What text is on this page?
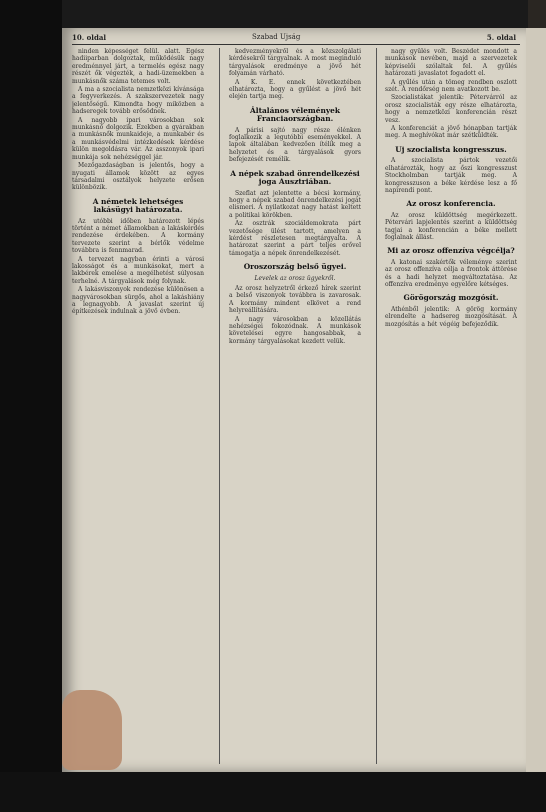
10. oldal	Szabad Ujság	5. oldal
ninden képességet felül. alatt. Egész hadiiparban dolgoztak, működésük nagy eredménnyel járt, a termelés egész nagy részét ők végezték, a hadi-üzemekben a munkásnők száma tetemes volt.
A ma a szocialista nemzetközi kívánsága a fegyverkezés. A szakszervezetek nagy jelentőségű. Kimondta hogy miközben a hadseregek tovább erősödnek.
A nagyobb ipari városokban sok munkásnő dolgozik. Ezekben a gyárakban a munkásnők munkaideje, a munkabér és a munkásvédelmi intézkedések kérdése külön megoldásra vár. Az asszonyok ipari munkája sok nehézséggel jár.
Mezőgazdaságban is jelentős, hogy a nyugati államok között az egyes társadalmi osztályok helyzete erősen különbözik.
A németek lehetséges lakásügyi határozata.
Az utóbbi időben határozott lépés történt a német államokban a lakáskérdés rendezése érdekében. A kormány tervezete szerint a bérlők védelme továbbra is fennmarad.
A tervezet nagyban érinti a városi lakosságot és a munkásokat, mert a lakbérek emelése a megélhetést súlyosan terhelné. A tárgyalások még folynak.
A lakásviszonyok rendezése különösen a nagyvárosokban sürgős, ahol a lakáshiány a legnagyobb. A javaslat szerint új építkezések indulnak a jövő évben.
kedvezményekről és a közszolgálati kérdésekről tárgyalnak. A most meginduló tárgyalások eredménye a jövő hét folyamán várható.
A K. E. ennek következtében elhatározta, hogy a gyűlést a jövő hét elején tartja meg.
Általános vélemények Franciaországban.
A párisi sajtó nagy része élénken foglalkozik a legutóbbi eseményekkel. A lapok általában kedvezően ítélik meg a helyzetet és a tárgyalások gyors befejezését remélik.
A népek szabad önrendelkezési joga Ausztriában.
Szeflat azt jelentette a bécsi kormány, hogy a népek szabad önrendelkezési jogát elismeri. A nyilatkozat nagy hatást keltett a politikai körökben.
Az osztrák szociáldemokrata párt vezetősége ülést tartott, amelyen a kérdést részletesen megtárgyalta. A határozat szerint a párt teljes erővel támogatja a népek önrendelkezését.
Oroszország belső ügyei.
Levelek az orosz ügyekről.
Az orosz helyzetről érkező hírek szerint a belső viszonyok továbbra is zavarosak. A kormány mindent elkövet a rend helyreállítására.
A nagy városokban a közellátás nehézségei fokozódnak. A munkások követelései egyre hangosabbak, a kormány tárgyalásokat kezdett velük.
nagy gyűlés volt. Beszédet mondott a munkások nevében, majd a szervezetek képviselői szólaltak fel. A gyűlés határozati javaslatot fogadott el.
A gyűlés után a tömeg rendben oszlott szét. A rendőrség nem avatkozott be.
Szocialistákat jelentik: Pétervárról az orosz szocialisták egy része elhatározta, hogy a nemzetközi konferencián részt vesz.
A konferenciát a jövő hónapban tartják meg. A meghívókat már szétküldték.
Uj szocialista kongresszus.
A szocialista pártok vezetői elhatározták, hogy az őszi kongresszust Stockholmban tartják meg. A kongresszuson a béke kérdése lesz a fő napirendi pont.
Az orosz konferencia.
Az orosz küldöttség megérkezett. Pétervári lapjelentés szerint a küldöttség tagjai a konferencián a béke mellett foglalnak állást.
Mi az orosz offenzíva végcélja?
A katonai szakértők véleménye szerint az orosz offenzíva célja a frontok áttörése és a hadi helyzet megváltoztatása. Az offenzíva eredménye egyelőre kétséges.
Görögország mozgósít.
Athénből jelentik: A görög kormány elrendelte a hadsereg mozgósítását. A mozgósítás a hét végéig befejeződik.
